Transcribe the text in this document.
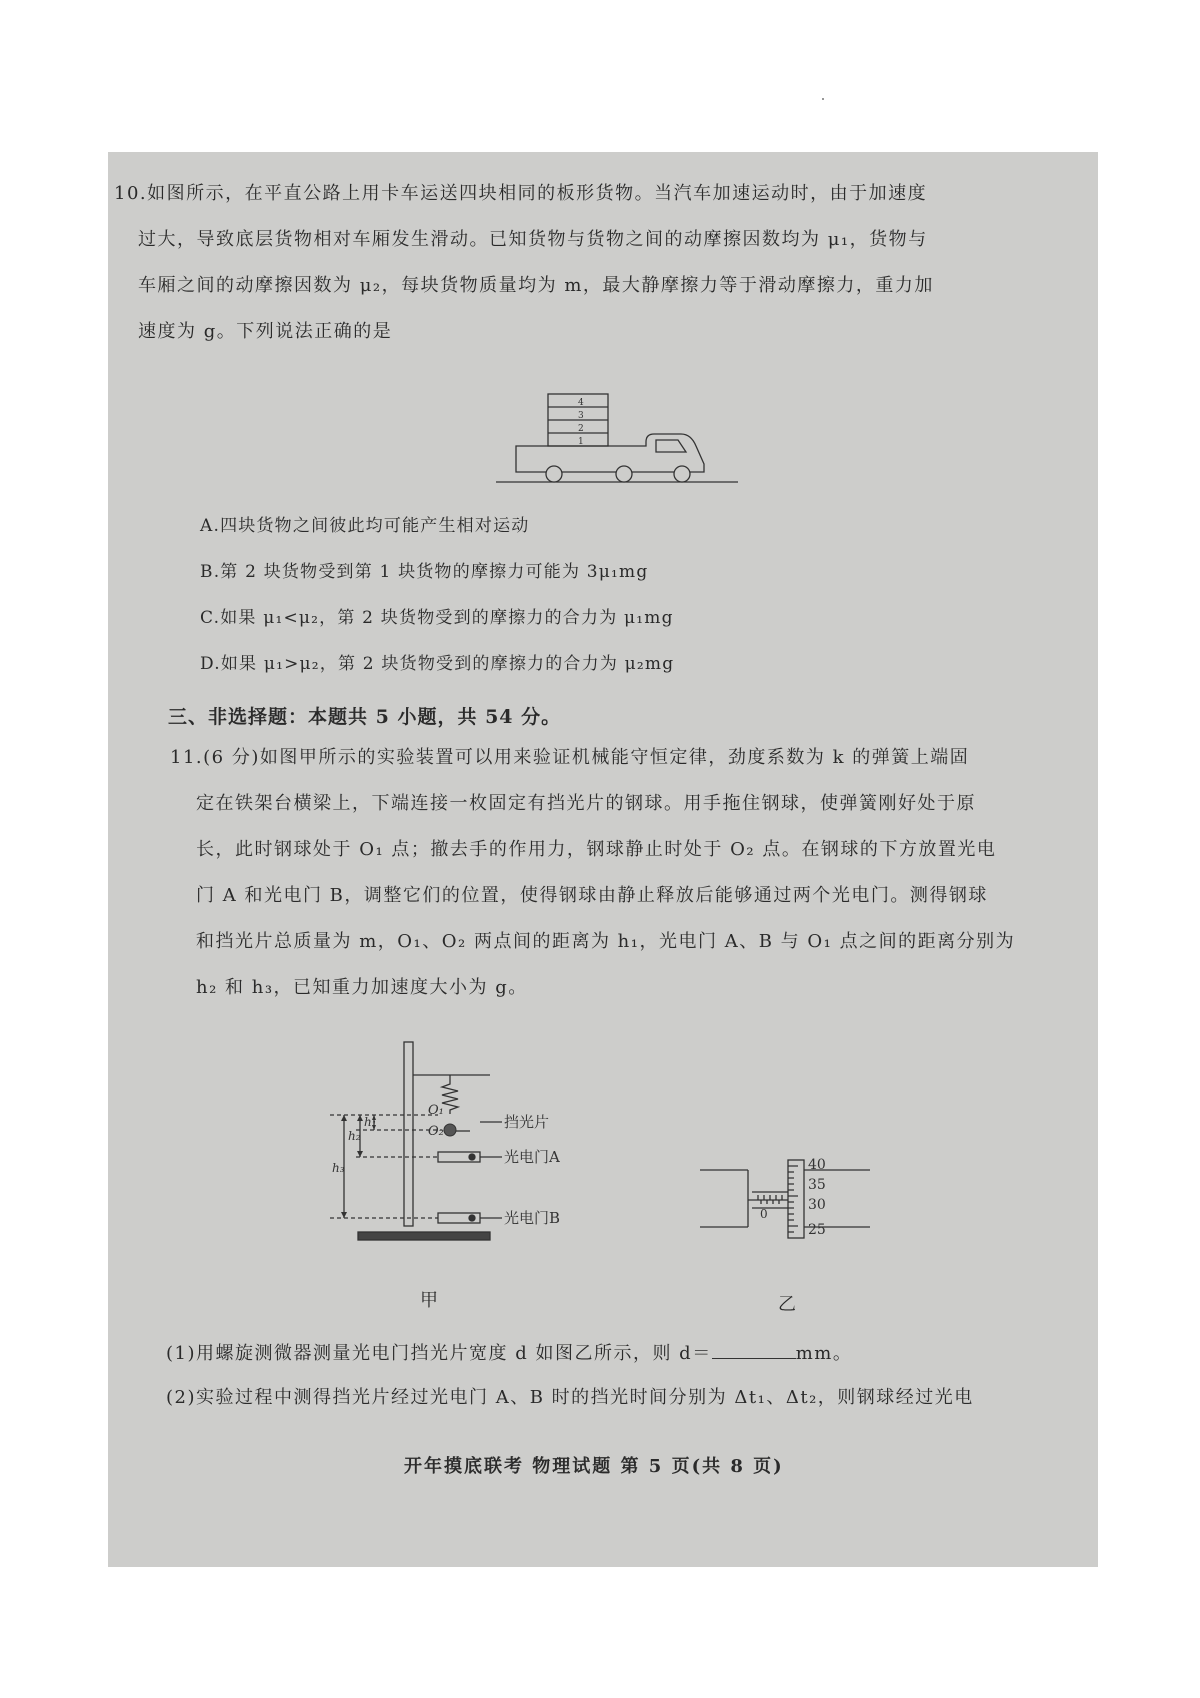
10.如图所示，在平直公路上用卡车运送四块相同的板形货物。当汽车加速运动时，由于加速度
过大，导致底层货物相对车厢发生滑动。已知货物与货物之间的动摩擦因数均为 μ₁，货物与
车厢之间的动摩擦因数为 μ₂，每块货物质量均为 m，最大静摩擦力等于滑动摩擦力，重力加
速度为 g。下列说法正确的是
4
3
2
1
A.四块货物之间彼此均可能产生相对运动
B.第 2 块货物受到第 1 块货物的摩擦力可能为 3μ₁mg
C.如果 μ₁<μ₂，第 2 块货物受到的摩擦力的合力为 μ₁mg
D.如果 μ₁>μ₂，第 2 块货物受到的摩擦力的合力为 μ₂mg
三、非选择题：本题共 5 小题，共 54 分。
11.(6 分)如图甲所示的实验装置可以用来验证机械能守恒定律，劲度系数为 k 的弹簧上端固
定在铁架台横梁上，下端连接一枚固定有挡光片的钢球。用手拖住钢球，使弹簧刚好处于原
长，此时钢球处于 O₁ 点；撤去手的作用力，钢球静止时处于 O₂ 点。在钢球的下方放置光电
门 A 和光电门 B，调整它们的位置，使得钢球由静止释放后能够通过两个光电门。测得钢球
和挡光片总质量为 m，O₁、O₂ 两点间的距离为 h₁，光电门 A、B 与 O₁ 点之间的距离分别为
h₂ 和 h₃，已知重力加速度大小为 g。
O₁
O₂
h₁
h₂
h₃
挡光片
光电门A
光电门B
甲
0
40
35
30
25
乙
(1)用螺旋测微器测量光电门挡光片宽度 d 如图乙所示，则 d＝	mm。
(2)实验过程中测得挡光片经过光电门 A、B 时的挡光时间分别为 Δt₁、Δt₂，则钢球经过光电
开年摸底联考 物理试题 第 5 页(共 8 页)
